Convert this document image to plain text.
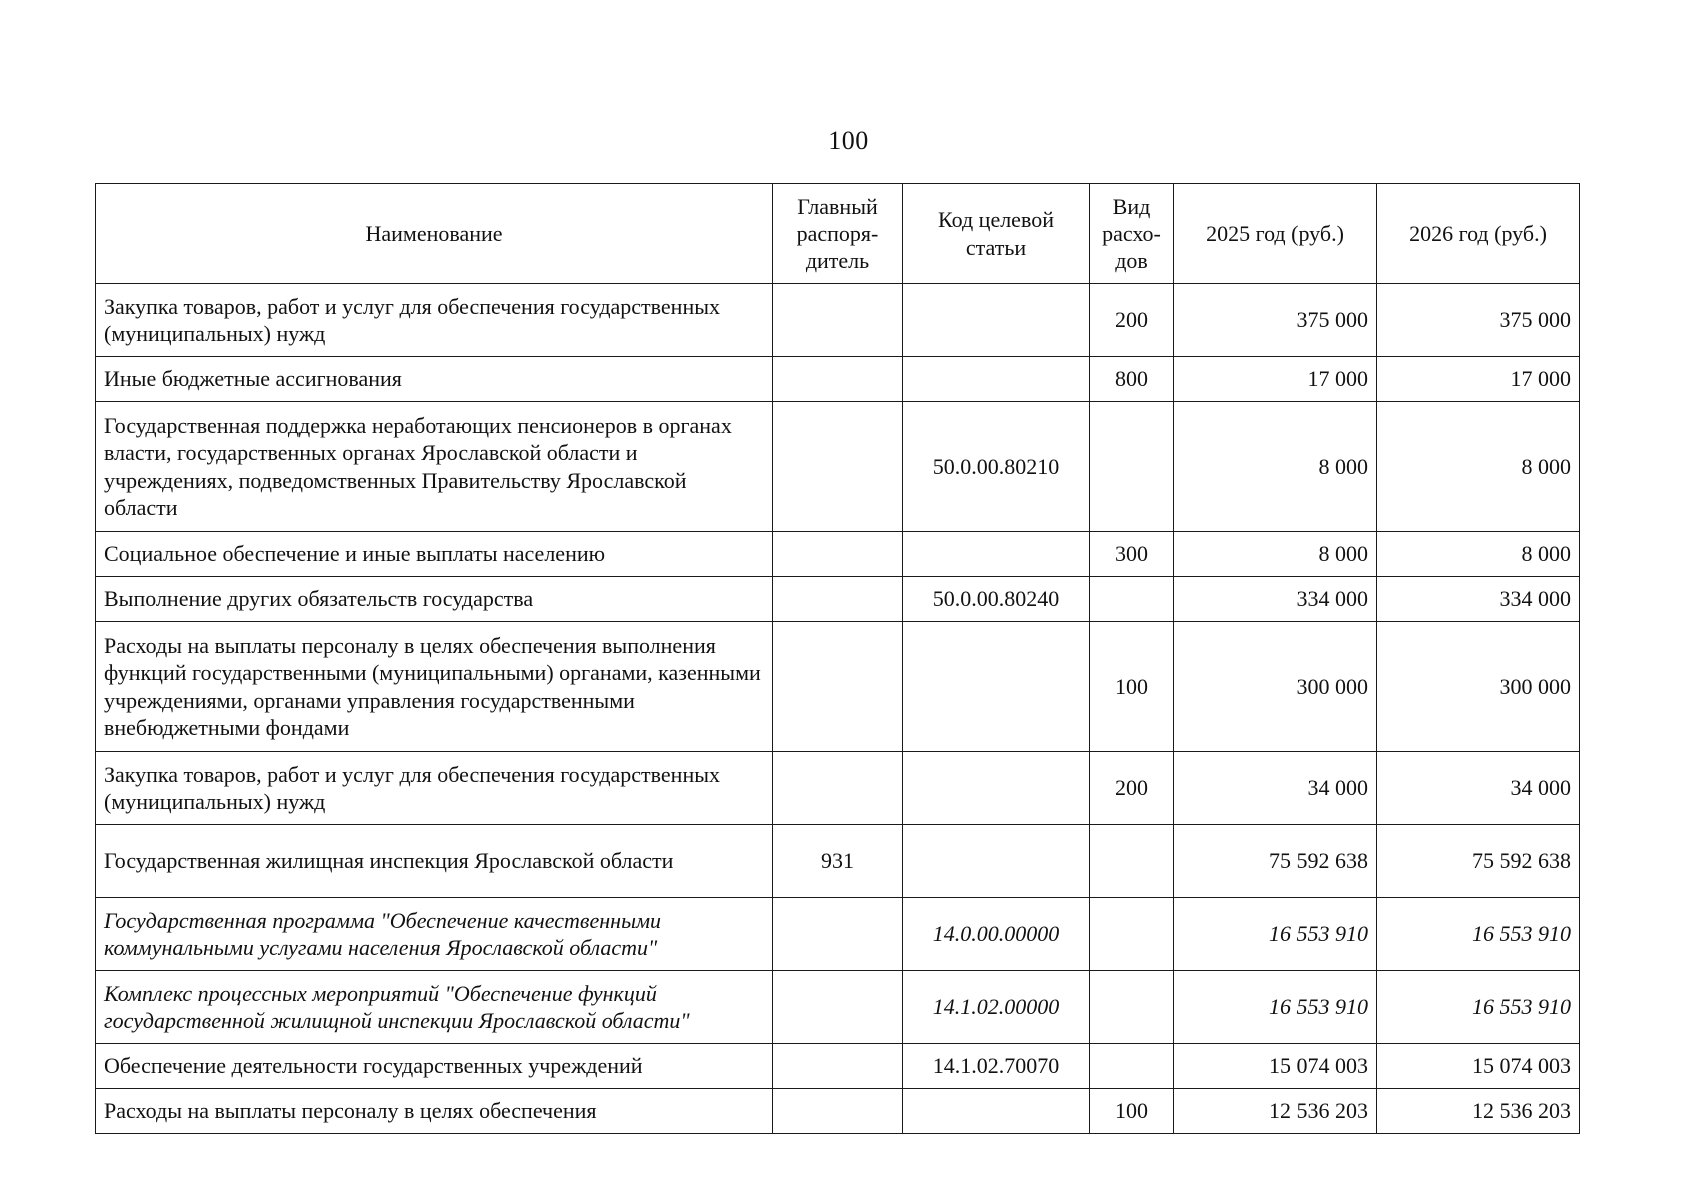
100
Наименование	Главный распоря-дитель	Код целевой статьи	Вид расхо-дов	2025 год (руб.)	2026 год (руб.)
Закупка товаров, работ и услуг для обеспечения государственных (муниципальных) нужд			200	375 000	375 000
Иные бюджетные ассигнования			800	17 000	17 000
Государственная поддержка неработающих пенсионеров в органах власти, государственных органах Ярославской области и учреждениях, подведомственных Правительству Ярославской области		50.0.00.80210		8 000	8 000
Социальное обеспечение и иные выплаты населению			300	8 000	8 000
Выполнение других обязательств государства		50.0.00.80240		334 000	334 000
Расходы на выплаты персоналу в целях обеспечения выполнения функций государственными (муниципальными) органами, казенными учреждениями, органами управления государственными внебюджетными фондами			100	300 000	300 000
Закупка товаров, работ и услуг для обеспечения государственных (муниципальных) нужд			200	34 000	34 000
Государственная жилищная инспекция Ярославской области	931			75 592 638	75 592 638
Государственная программа "Обеспечение качественными коммунальными услугами населения Ярославской области"		14.0.00.00000		16 553 910	16 553 910
Комплекс процессных мероприятий "Обеспечение функций государственной жилищной инспекции Ярославской области"		14.1.02.00000		16 553 910	16 553 910
Обеспечение деятельности государственных учреждений		14.1.02.70070		15 074 003	15 074 003
Расходы на выплаты персоналу в целях обеспечения			100	12 536 203	12 536 203
